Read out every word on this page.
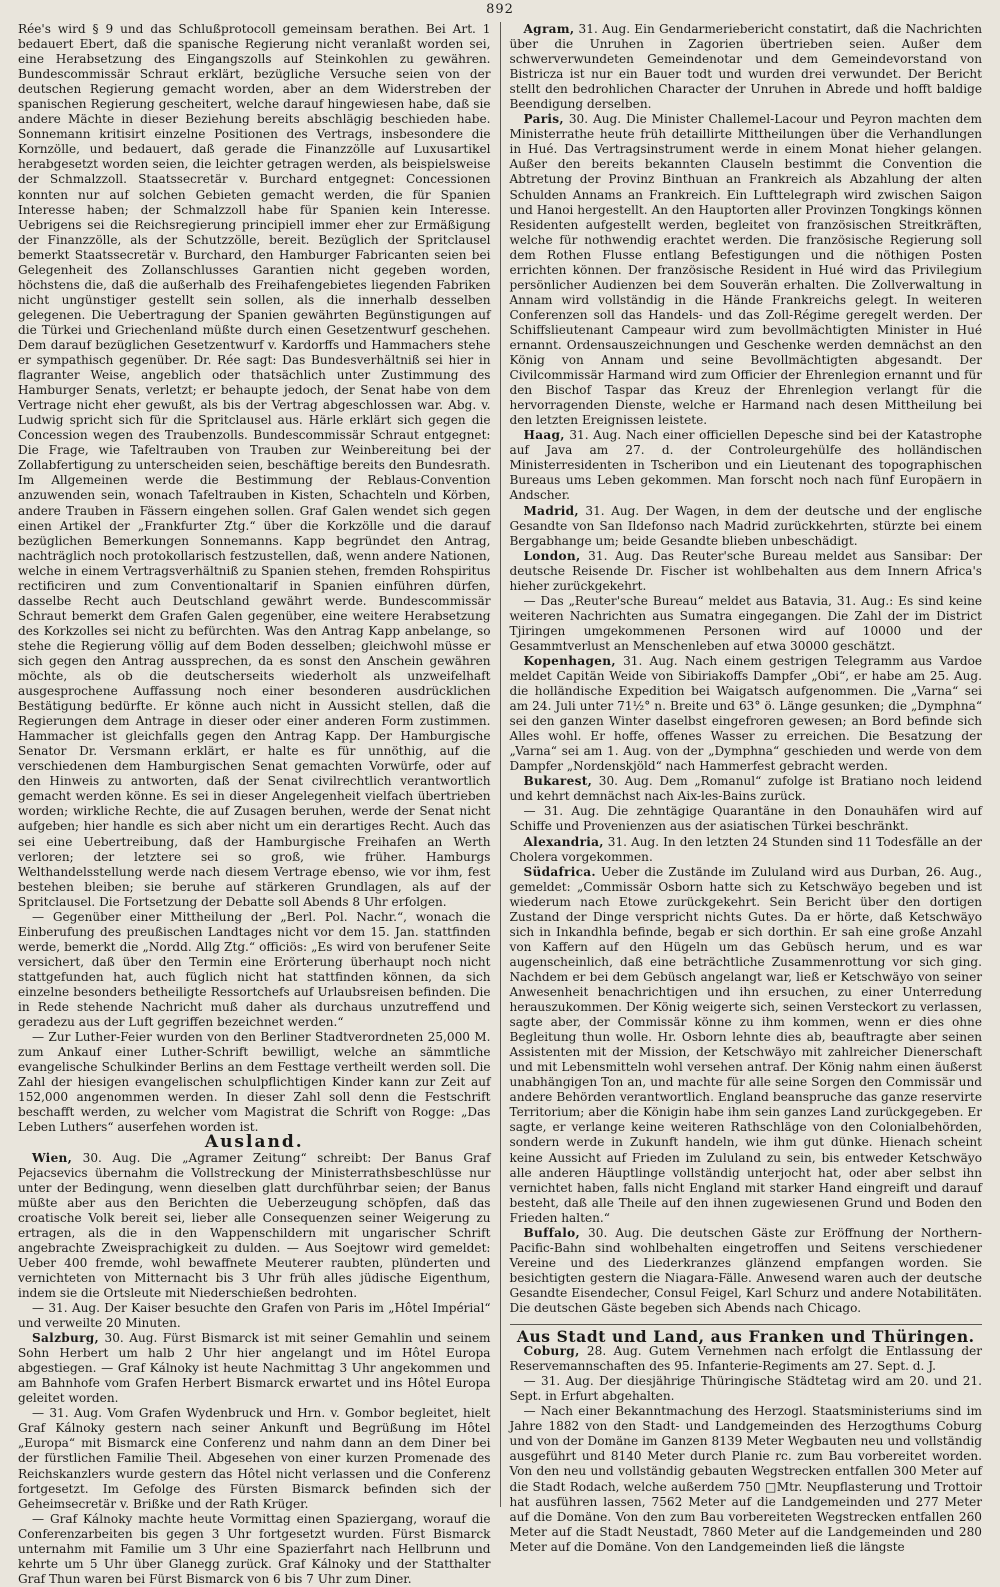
892

Rée's wird § 9 und das Schlußprotocoll gemeinsam berathen. Bei Art. 1 bedauert Ebert, daß die spanische Regierung nicht veranlaßt worden sei, eine Herabsetzung des Eingangszolls auf Steinkohlen zu gewähren. Bundescommissär Schraut erklärt, bezügliche Versuche seien von der deutschen Regierung gemacht worden, aber an dem Widerstreben der spanischen Regierung gescheitert, welche darauf hingewiesen habe, daß sie andere Mächte in dieser Beziehung bereits abschlägig beschieden habe. Sonnemann kritisirt einzelne Positionen des Vertrags, insbesondere die Kornzölle, und bedauert, daß gerade die Finanzzölle auf Luxusartikel herabgesetzt worden seien, die leichter getragen werden, als beispielsweise der Schmalzzoll. Staatssecretär v. Burchard entgegnet: Concessionen konnten nur auf solchen Gebieten gemacht werden, die für Spanien Interesse haben; der Schmalzzoll habe für Spanien kein Interesse. Uebrigens sei die Reichsregierung principiell immer eher zur Ermäßigung der Finanzzölle, als der Schutzzölle, bereit. Bezüglich der Spritclausel bemerkt Staatssecretär v. Burchard, den Hamburger Fabricanten seien bei Gelegenheit des Zollanschlusses Garantien nicht gegeben worden, höchstens die, daß die außerhalb des Freihafengebietes liegenden Fabriken nicht ungünstiger gestellt sein sollen, als die innerhalb desselben gelegenen. Die Uebertragung der Spanien gewährten Begünstigungen auf die Türkei und Griechenland müßte durch einen Gesetzentwurf geschehen. Dem darauf bezüglichen Gesetzentwurf v. Kardorffs und Hammachers stehe er sympathisch gegenüber. Dr. Rée sagt: Das Bundesverhältniß sei hier in flagranter Weise, angeblich oder thatsächlich unter Zustimmung des Hamburger Senats, verletzt; er behaupte jedoch, der Senat habe von dem Vertrage nicht eher gewußt, als bis der Vertrag abgeschlossen war. Abg. v. Ludwig spricht sich für die Spritclausel aus. Härle erklärt sich gegen die Concession wegen des Traubenzolls. Bundescommissär Schraut entgegnet: Die Frage, wie Tafeltrauben von Trauben zur Weinbereitung bei der Zollabfertigung zu unterscheiden seien, beschäftige bereits den Bundesrath. Im Allgemeinen werde die Bestimmung der Reblaus-Convention anzuwenden sein, wonach Tafeltrauben in Kisten, Schachteln und Körben, andere Trauben in Fässern eingehen sollen. Graf Galen wendet sich gegen einen Artikel der „Frankfurter Ztg.“ über die Korkzölle und die darauf bezüglichen Bemerkungen Sonnemanns. Kapp begründet den Antrag, nachträglich noch protokollarisch festzustellen, daß, wenn andere Nationen, welche in einem Vertragsverhältniß zu Spanien stehen, fremden Rohspiritus rectificiren und zum Conventionaltarif in Spanien einführen dürfen, dasselbe Recht auch Deutschland gewährt werde. Bundescommissär Schraut bemerkt dem Grafen Galen gegenüber, eine weitere Herabsetzung des Korkzolles sei nicht zu befürchten. Was den Antrag Kapp anbelange, so stehe die Regierung völlig auf dem Boden desselben; gleichwohl müsse er sich gegen den Antrag aussprechen, da es sonst den Anschein gewähren möchte, als ob die deutscherseits wiederholt als unzweifelhaft ausgesprochene Auffassung noch einer besonderen ausdrücklichen Bestätigung bedürfte. Er könne auch nicht in Aussicht stellen, daß die Regierungen dem Antrage in dieser oder einer anderen Form zustimmen. Hammacher ist gleichfalls gegen den Antrag Kapp. Der Hamburgische Senator Dr. Versmann erklärt, er halte es für unnöthig, auf die verschiedenen dem Hamburgischen Senat gemachten Vorwürfe, oder auf den Hinweis zu antworten, daß der Senat civilrechtlich verantwortlich gemacht werden könne. Es sei in dieser Angelegenheit vielfach übertrieben worden; wirkliche Rechte, die auf Zusagen beruhen, werde der Senat nicht aufgeben; hier handle es sich aber nicht um ein derartiges Recht. Auch das sei eine Uebertreibung, daß der Hamburgische Freihafen an Werth verloren; der letztere sei so groß, wie früher. Hamburgs Welthandelsstellung werde nach diesem Vertrage ebenso, wie vor ihm, fest bestehen bleiben; sie beruhe auf stärkeren Grundlagen, als auf der Spritclausel. Die Fortsetzung der Debatte soll Abends 8 Uhr erfolgen.

— Gegenüber einer Mittheilung der „Berl. Pol. Nachr.“, wonach die Einberufung des preußischen Landtages nicht vor dem 15. Jan. stattfinden werde, bemerkt die „Nordd. Allg Ztg.“ officiös: „Es wird von berufener Seite versichert, daß über den Termin eine Erörterung überhaupt noch nicht stattgefunden hat, auch füglich nicht hat stattfinden können, da sich einzelne besonders betheiligte Ressortchefs auf Urlaubsreisen befinden. Die in Rede stehende Nachricht muß daher als durchaus unzutreffend und geradezu aus der Luft gegriffen bezeichnet werden.“

— Zur Luther-Feier wurden von den Berliner Stadtverordneten 25,000 M. zum Ankauf einer Luther-Schrift bewilligt, welche an sämmtliche evangelische Schulkinder Berlins an dem Festtage vertheilt werden soll. Die Zahl der hiesigen evangelischen schulpflichtigen Kinder kann zur Zeit auf 152,000 angenommen werden. In dieser Zahl soll denn die Festschrift beschafft werden, zu welcher vom Magistrat die Schrift von Rogge: „Das Leben Luthers“ auserfehen worden ist.

Ausland.

Wien, 30. Aug. Die „Agramer Zeitung“ schreibt: Der Banus Graf Pejacsevics übernahm die Vollstreckung der Ministerrathsbeschlüsse nur unter der Bedingung, wenn dieselben glatt durchführbar seien; der Banus müßte aber aus den Berichten die Ueberzeugung schöpfen, daß das croatische Volk bereit sei, lieber alle Consequenzen seiner Weigerung zu ertragen, als die in den Wappenschildern mit ungarischer Schrift angebrachte Zweisprachigkeit zu dulden. — Aus Soejtowr wird gemeldet: Ueber 400 fremde, wohl bewaffnete Meuterer raubten, plünderten und vernichteten von Mitternacht bis 3 Uhr früh alles jüdische Eigenthum, indem sie die Ortsleute mit Niederschießen bedrohten.

— 31. Aug. Der Kaiser besuchte den Grafen von Paris im „Hôtel Impérial“ und verweilte 20 Minuten.

Salzburg, 30. Aug. Fürst Bismarck ist mit seiner Gemahlin und seinem Sohn Herbert um halb 2 Uhr hier angelangt und im Hôtel Europa abgestiegen. — Graf Kálnoky ist heute Nachmittag 3 Uhr angekommen und am Bahnhofe vom Grafen Herbert Bismarck erwartet und ins Hôtel Europa geleitet worden.

— 31. Aug. Vom Grafen Wydenbruck und Hrn. v. Gombor begleitet, hielt Graf Kálnoky gestern nach seiner Ankunft und Begrüßung im Hôtel „Europa“ mit Bismarck eine Conferenz und nahm dann an dem Diner bei der fürstlichen Familie Theil. Abgesehen von einer kurzen Promenade des Reichskanzlers wurde gestern das Hôtel nicht verlassen und die Conferenz fortgesetzt. Im Gefolge des Fürsten Bismarck befinden sich der Geheimsecretär v. Brißke und der Rath Krüger.

— Graf Kálnoky machte heute Vormittag einen Spaziergang, worauf die Conferenzarbeiten bis gegen 3 Uhr fortgesetzt wurden. Fürst Bismarck unternahm mit Familie um 3 Uhr eine Spazierfahrt nach Hellbrunn und kehrte um 5 Uhr über Glanegg zurück. Graf Kálnoky und der Statthalter Graf Thun waren bei Fürst Bismarck von 6 bis 7 Uhr zum Diner.

Agram, 31. Aug. Ein Gendarmeriebericht constatirt, daß die Nachrichten über die Unruhen in Zagorien übertrieben seien. Außer dem schwerverwundeten Gemeindenotar und dem Gemeindevorstand von Bistricza ist nur ein Bauer todt und wurden drei verwundet. Der Bericht stellt den bedrohlichen Character der Unruhen in Abrede und hofft baldige Beendigung derselben.

Paris, 30. Aug. Die Minister Challemel-Lacour und Peyron machten dem Ministerrathe heute früh detaillirte Mittheilungen über die Verhandlungen in Hué. Das Vertragsinstrument werde in einem Monat hieher gelangen. Außer den bereits bekannten Clauseln bestimmt die Convention die Abtretung der Provinz Binthuan an Frankreich als Abzahlung der alten Schulden Annams an Frankreich. Ein Lufttelegraph wird zwischen Saigon und Hanoi hergestellt. An den Hauptorten aller Provinzen Tongkings können Residenten aufgestellt werden, begleitet von französischen Streitkräften, welche für nothwendig erachtet werden. Die französische Regierung soll dem Rothen Flusse entlang Befestigungen und die nöthigen Posten errichten können. Der französische Resident in Hué wird das Privilegium persönlicher Audienzen bei dem Souverän erhalten. Die Zollverwaltung in Annam wird vollständig in die Hände Frankreichs gelegt. In weiteren Conferenzen soll das Handels- und das Zoll-Régime geregelt werden. Der Schiffslieutenant Campeaur wird zum bevollmächtigten Minister in Hué ernannt. Ordensauszeichnungen und Geschenke werden demnächst an den König von Annam und seine Bevollmächtigten abgesandt. Der Civilcommissär Harmand wird zum Officier der Ehrenlegion ernannt und für den Bischof Taspar das Kreuz der Ehrenlegion verlangt für die hervorragenden Dienste, welche er Harmand nach desen Mittheilung bei den letzten Ereignissen leistete.

Haag, 31. Aug. Nach einer officiellen Depesche sind bei der Katastrophe auf Java am 27. d. der Controleurgehülfe des holländischen Ministerresidenten in Tscheribon und ein Lieutenant des topographischen Bureaus ums Leben gekommen. Man forscht noch nach fünf Europäern in Andscher.

Madrid, 31. Aug. Der Wagen, in dem der deutsche und der englische Gesandte von San Ildefonso nach Madrid zurückkehrten, stürzte bei einem Bergabhange um; beide Gesandte blieben unbeschädigt.

London, 31. Aug. Das Reuter'sche Bureau meldet aus Sansibar: Der deutsche Reisende Dr. Fischer ist wohlbehalten aus dem Innern Africa's hieher zurückgekehrt.

— Das „Reuter'sche Bureau“ meldet aus Batavia, 31. Aug.: Es sind keine weiteren Nachrichten aus Sumatra eingegangen. Die Zahl der im District Tjiringen umgekommenen Personen wird auf 10000 und der Gesammtverlust an Menschenleben auf etwa 30000 geschätzt.

Kopenhagen, 31. Aug. Nach einem gestrigen Telegramm aus Vardoe meldet Capitän Weide von Sibiriakoffs Dampfer „Obi“, er habe am 25. Aug. die holländische Expedition bei Waigatsch aufgenommen. Die „Varna“ sei am 24. Juli unter 71½° n. Breite und 63° ö. Länge gesunken; die „Dymphna“ sei den ganzen Winter daselbst eingefroren gewesen; an Bord befinde sich Alles wohl. Er hoffe, offenes Wasser zu erreichen. Die Besatzung der „Varna“ sei am 1. Aug. von der „Dymphna“ geschieden und werde von dem Dampfer „Nordenskjöld“ nach Hammerfest gebracht werden.

Bukarest, 30. Aug. Dem „Romanul“ zufolge ist Bratiano noch leidend und kehrt demnächst nach Aix-les-Bains zurück.

— 31. Aug. Die zehntägige Quarantäne in den Donauhäfen wird auf Schiffe und Provenienzen aus der asiatischen Türkei beschränkt.

Alexandria, 31. Aug. In den letzten 24 Stunden sind 11 Todesfälle an der Cholera vorgekommen.

Südafrica. Ueber die Zustände im Zululand wird aus Durban, 26. Aug., gemeldet: „Commissär Osborn hatte sich zu Ketschwäyo begeben und ist wiederum nach Etowe zurückgekehrt. Sein Bericht über den dortigen Zustand der Dinge verspricht nichts Gutes. Da er hörte, daß Ketschwäyo sich in Inkandhla befinde, begab er sich dorthin. Er sah eine große Anzahl von Kaffern auf den Hügeln um das Gebüsch herum, und es war augenscheinlich, daß eine beträchtliche Zusammenrottung vor sich ging. Nachdem er bei dem Gebüsch angelangt war, ließ er Ketschwäyo von seiner Anwesenheit benachrichtigen und ihn ersuchen, zu einer Unterredung herauszukommen. Der König weigerte sich, seinen Versteckort zu verlassen, sagte aber, der Commissär könne zu ihm kommen, wenn er dies ohne Begleitung thun wolle. Hr. Osborn lehnte dies ab, beauftragte aber seinen Assistenten mit der Mission, der Ketschwäyo mit zahlreicher Dienerschaft und mit Lebensmitteln wohl versehen antraf. Der König nahm einen äußerst unabhängigen Ton an, und machte für alle seine Sorgen den Commissär und andere Behörden verantwortlich. England beanspruche das ganze reservirte Territorium; aber die Königin habe ihm sein ganzes Land zurückgegeben. Er sagte, er verlange keine weiteren Rathschläge von den Colonialbehörden, sondern werde in Zukunft handeln, wie ihm gut dünke. Hienach scheint keine Aussicht auf Frieden im Zululand zu sein, bis entweder Ketschwäyo alle anderen Häuptlinge vollständig unterjocht hat, oder aber selbst ihn vernichtet haben, falls nicht England mit starker Hand eingreift und darauf besteht, daß alle Theile auf den ihnen zugewiesenen Grund und Boden den Frieden halten.“

Buffalo, 30. Aug. Die deutschen Gäste zur Eröffnung der Northern-Pacific-Bahn sind wohlbehalten eingetroffen und Seitens verschiedener Vereine und des Liederkranzes glänzend empfangen worden. Sie besichtigten gestern die Niagara-Fälle. Anwesend waren auch der deutsche Gesandte Eisendecher, Consul Feigel, Karl Schurz und andere Notabilitäten. Die deutschen Gäste begeben sich Abends nach Chicago.

Aus Stadt und Land, aus Franken und Thüringen.

Coburg, 28. Aug. Gutem Vernehmen nach erfolgt die Entlassung der Reservemannschaften des 95. Infanterie-Regiments am 27. Sept. d. J.

— 31. Aug. Der diesjährige Thüringische Städtetag wird am 20. und 21. Sept. in Erfurt abgehalten.

— Nach einer Bekanntmachung des Herzogl. Staatsministeriums sind im Jahre 1882 von den Stadt- und Landgemeinden des Herzogthums Coburg und von der Domäne im Ganzen 8139 Meter Wegbauten neu und vollständig ausgeführt und 8140 Meter durch Planie rc. zum Bau vorbereitet worden. Von den neu und vollständig gebauten Wegstrecken entfallen 300 Meter auf die Stadt Rodach, welche außerdem 750 □Mtr. Neupflasterung und Trottoir hat ausführen lassen, 7562 Meter auf die Landgemeinden und 277 Meter auf die Domäne. Von den zum Bau vorbereiteten Wegstrecken entfallen 260 Meter auf die Stadt Neustadt, 7860 Meter auf die Landgemeinden und 280 Meter auf die Domäne. Von den Landgemeinden ließ die längste
